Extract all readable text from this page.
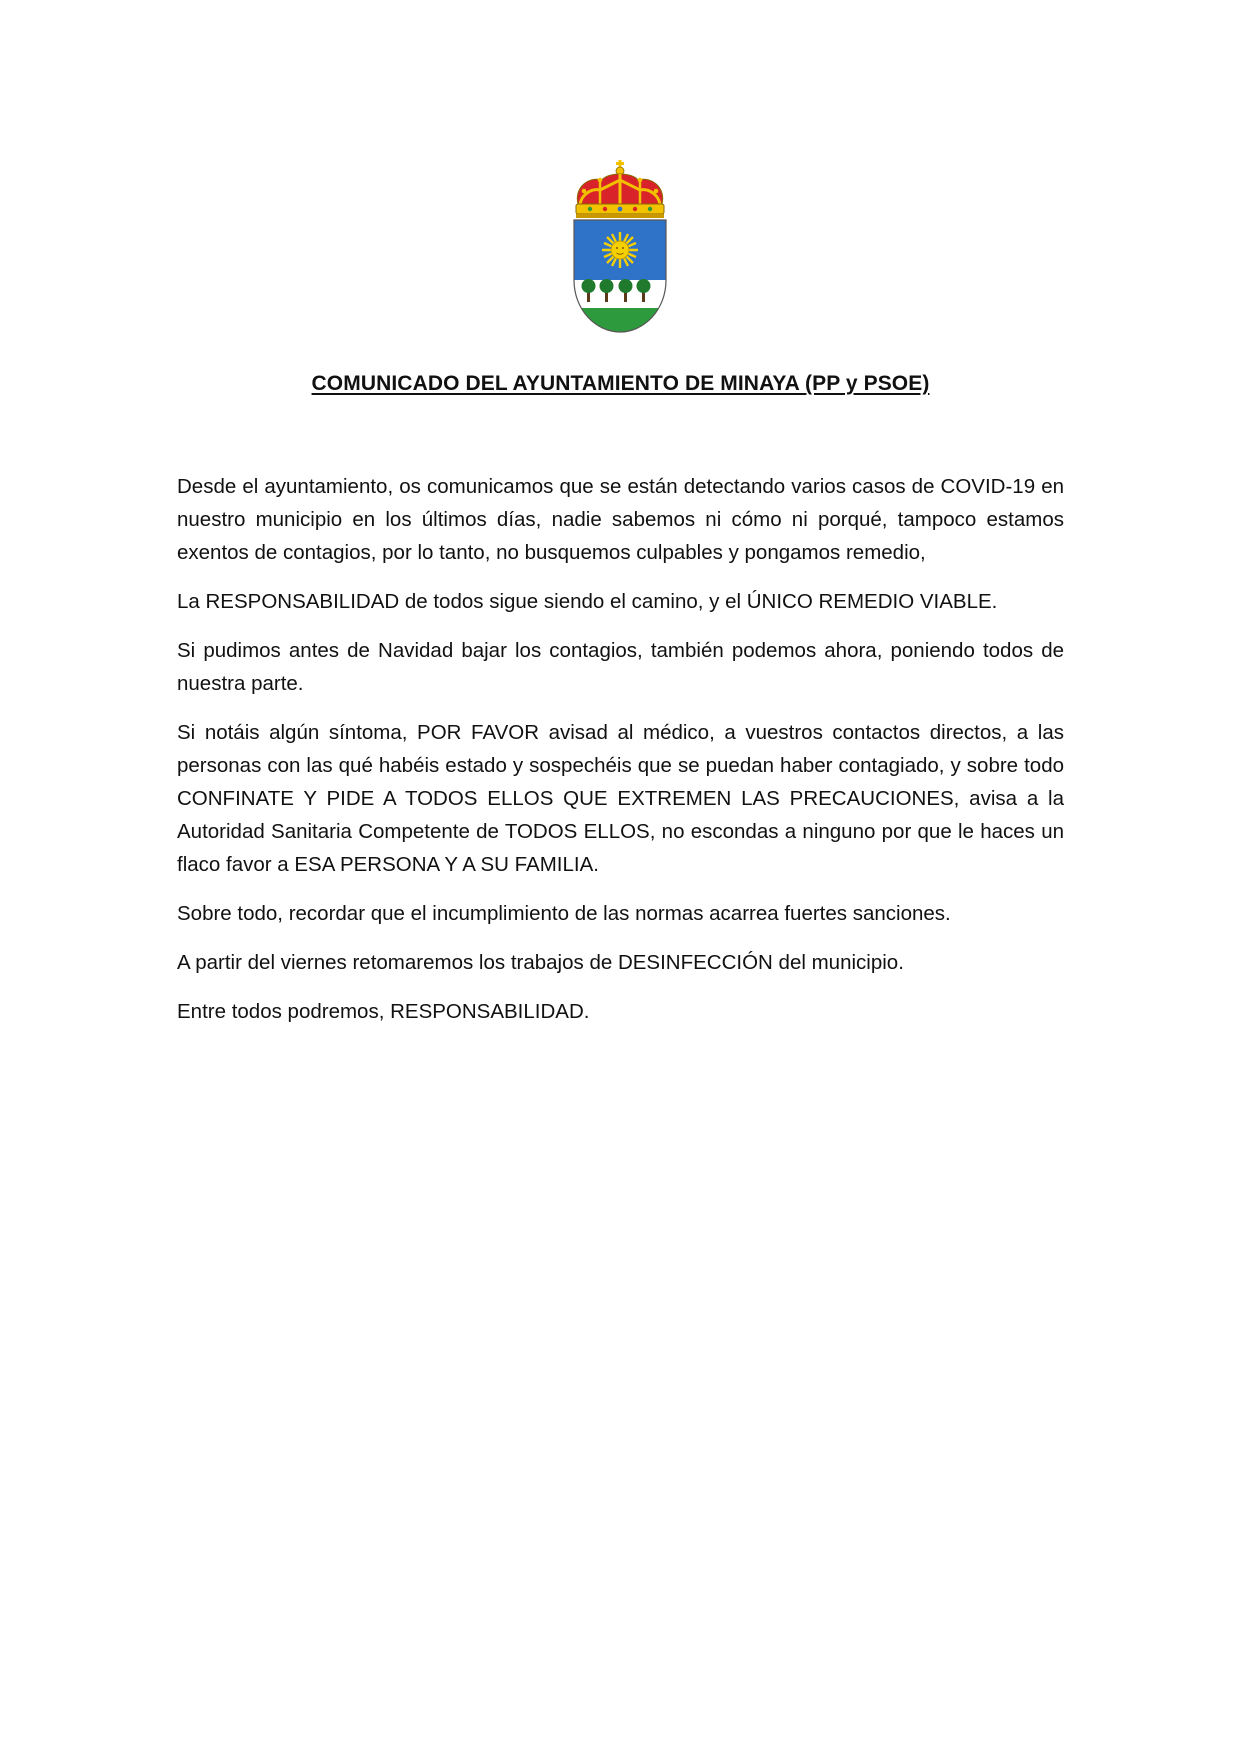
COMUNICADO DEL AYUNTAMIENTO DE MINAYA (PP y PSOE)

Desde el ayuntamiento, os comunicamos que se están detectando varios casos de COVID-19 en nuestro municipio en los últimos días, nadie sabemos ni cómo ni porqué, tampoco estamos exentos de contagios, por lo tanto, no busquemos culpables y pongamos remedio,

La RESPONSABILIDAD de todos sigue siendo el camino, y el ÚNICO REMEDIO VIABLE.

Si pudimos antes de Navidad bajar los contagios, también podemos ahora, poniendo todos de nuestra parte.

Si notáis algún síntoma, POR FAVOR avisad al médico, a vuestros contactos directos, a las personas con las qué habéis estado y sospechéis que se puedan haber contagiado, y sobre todo CONFINATE Y PIDE A TODOS ELLOS QUE EXTREMEN LAS PRECAUCIONES, avisa a la Autoridad Sanitaria Competente de TODOS ELLOS, no escondas a ninguno por que le haces un flaco favor a ESA PERSONA Y A SU FAMILIA.

Sobre todo, recordar que el incumplimiento de las normas acarrea fuertes sanciones.

A partir del viernes retomaremos los trabajos de DESINFECCIÓN del municipio.

Entre todos podremos, RESPONSABILIDAD.
